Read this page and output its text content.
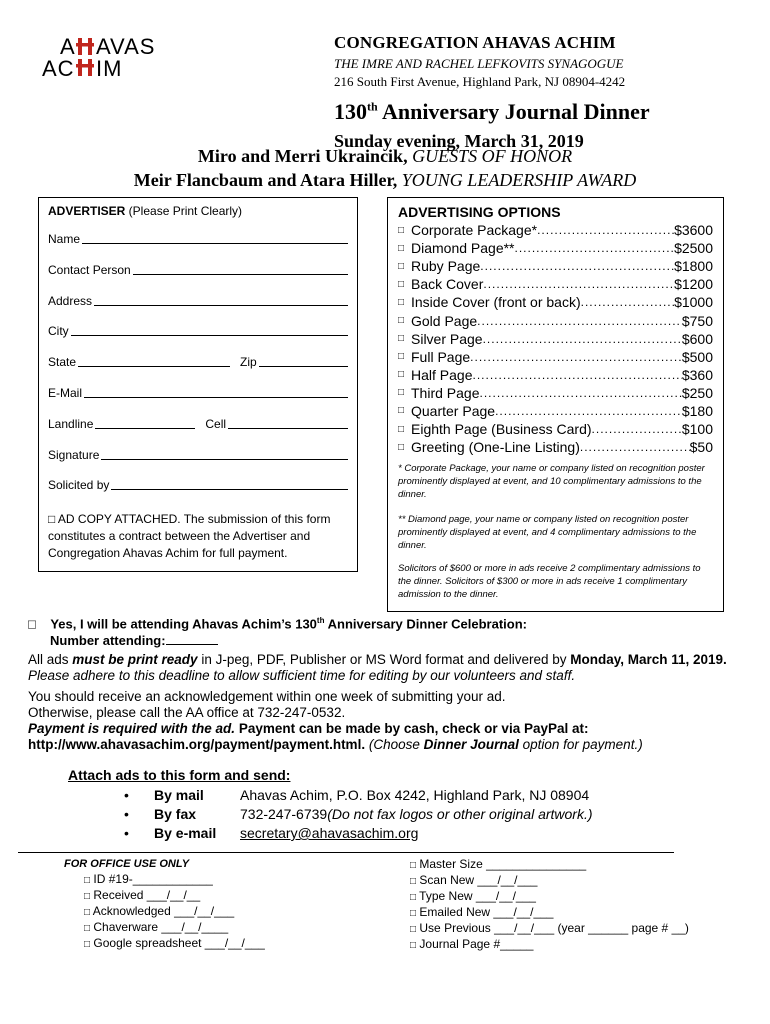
A AVAS
AC IM
CONGREGATION AHAVAS ACHIM
THE IMRE AND RACHEL LEFKOVITS SYNAGOGUE
216 South First Avenue, Highland Park, NJ 08904-4242
130th Anniversary Journal Dinner
Sunday evening, March 31, 2019
Miro and Merri Ukraincik, GUESTS OF HONOR
Meir Flancbaum and Atara Hiller, YOUNG LEADERSHIP AWARD
ADVERTISER (Please Print Clearly)
Name
Contact Person
Address
City
State	Zip
E-Mail
Landline	Cell
Signature
Solicited by
□ AD COPY ATTACHED. The submission of this form constitutes a contract between the Advertiser and Congregation Ahavas Achim for full payment.
ADVERTISING OPTIONS
□ Corporate Package* .....	$3600
□ Diamond Page** .....	$2500
□ Ruby Page .....	$1800
□ Back Cover .....	$1200
□ Inside Cover (front or back) .....	$1000
□ Gold Page .....	$750
□ Silver Page .....	$600
□ Full Page .....	$500
□ Half Page .....	$360
□ Third Page .....	$250
□ Quarter Page .....	$180
□ Eighth Page (Business Card) .....	$100
□ Greeting (One-Line Listing) .....	$50
* Corporate Package, your name or company listed on recognition poster prominently displayed at event, and 10 complimentary admissions to the dinner.
** Diamond page, your name or company listed on recognition poster prominently displayed at event, and 4 complimentary admissions to the dinner.
Solicitors of $600 or more in ads receive 2 complimentary admissions to the dinner. Solicitors of $300 or more in ads receive 1 complimentary admission to the dinner.
□ Yes, I will be attending Ahavas Achim’s 130th Anniversary Dinner Celebration:
Number attending:
All ads must be print ready in J-peg, PDF, Publisher or MS Word format and delivered by Monday, March 11, 2019.
Please adhere to this deadline to allow sufficient time for editing by our volunteers and staff.
You should receive an acknowledgement within one week of submitting your ad.
Otherwise, please call the AA office at 732-247-0532.
Payment is required with the ad. Payment can be made by cash, check or via PayPal at:
http://www.ahavasachim.org/payment/payment.html. (Choose Dinner Journal option for payment.)
Attach ads to this form and send:
•	By mail	Ahavas Achim, P.O. Box 4242, Highland Park, NJ 08904
•	By fax	732-247-6739 (Do not fax logos or other original artwork.)
•	By e-mail	secretary@ahavasachim.org
FOR OFFICE USE ONLY
□ ID #19-____________
□ Received ___/__/__
□ Acknowledged ___/__/___
□ Chaverware ___/__/____
□ Google spreadsheet ___/__/___
□ Master Size _______________
□ Scan New ___/__/___
□ Type New ___/__/___
□ Emailed New ___/__/___
□ Use Previous ___/__/___ (year ______ page # __)
□ Journal Page #_____
